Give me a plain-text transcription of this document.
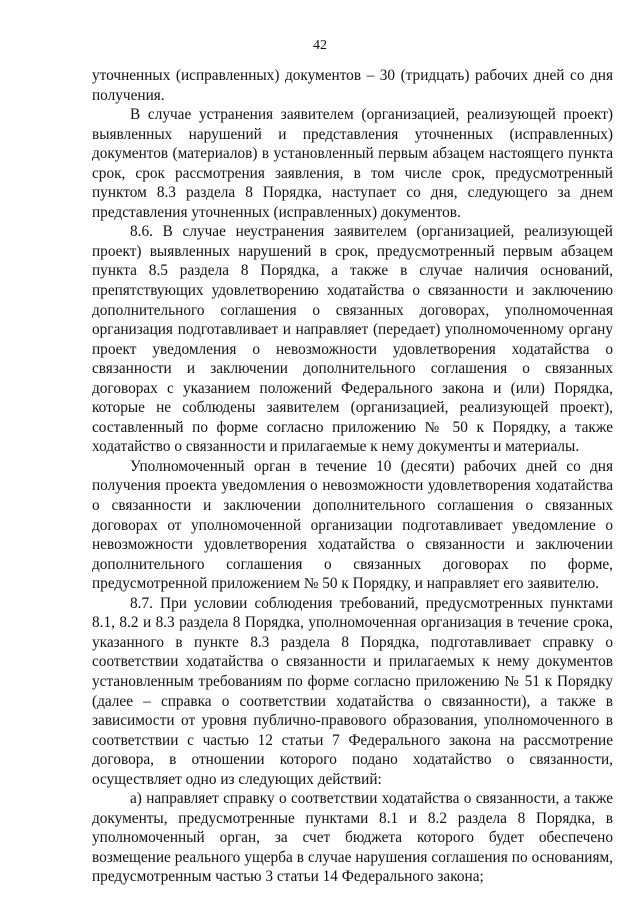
42

уточненных (исправленных) документов – 30 (тридцать) рабочих дней со дня получения.

В случае устранения заявителем (организацией, реализующей проект) выявленных нарушений и представления уточненных (исправленных) документов (материалов) в установленный первым абзацем настоящего пункта срок, срок рассмотрения заявления, в том числе срок, предусмотренный пунктом 8.3 раздела 8 Порядка, наступает со дня, следующего за днем представления уточненных (исправленных) документов.

8.6. В случае неустранения заявителем (организацией, реализующей проект) выявленных нарушений в срок, предусмотренный первым абзацем пункта 8.5 раздела 8 Порядка, а также в случае наличия оснований, препятствующих удовлетворению ходатайства о связанности и заключению дополнительного соглашения о связанных договорах, уполномоченная организация подготавливает и направляет (передает) уполномоченному органу проект уведомления о невозможности удовлетворения ходатайства о связанности и заключении дополнительного соглашения о связанных договорах с указанием положений Федерального закона и (или) Порядка, которые не соблюдены заявителем (организацией, реализующей проект), составленный по форме согласно приложению № 50 к Порядку, а также ходатайство о связанности и прилагаемые к нему документы и материалы.

Уполномоченный орган в течение 10 (десяти) рабочих дней со дня получения проекта уведомления о невозможности удовлетворения ходатайства о связанности и заключении дополнительного соглашения о связанных договорах от уполномоченной организации подготавливает уведомление о невозможности удовлетворения ходатайства о связанности и заключении дополнительного соглашения о связанных договорах по форме, предусмотренной приложением № 50 к Порядку, и направляет его заявителю.

8.7. При условии соблюдения требований, предусмотренных пунктами 8.1, 8.2 и 8.3 раздела 8 Порядка, уполномоченная организация в течение срока, указанного в пункте 8.3 раздела 8 Порядка, подготавливает справку о соответствии ходатайства о связанности и прилагаемых к нему документов установленным требованиям по форме согласно приложению № 51 к Порядку (далее – справка о соответствии ходатайства о связанности), а также в зависимости от уровня публично-правового образования, уполномоченного в соответствии с частью 12 статьи 7 Федерального закона на рассмотрение договора, в отношении которого подано ходатайство о связанности, осуществляет одно из следующих действий:

а) направляет справку о соответствии ходатайства о связанности, а также документы, предусмотренные пунктами 8.1 и 8.2 раздела 8 Порядка, в уполномоченный орган, за счет бюджета которого будет обеспечено возмещение реального ущерба в случае нарушения соглашения по основаниям, предусмотренным частью 3 статьи 14 Федерального закона;
